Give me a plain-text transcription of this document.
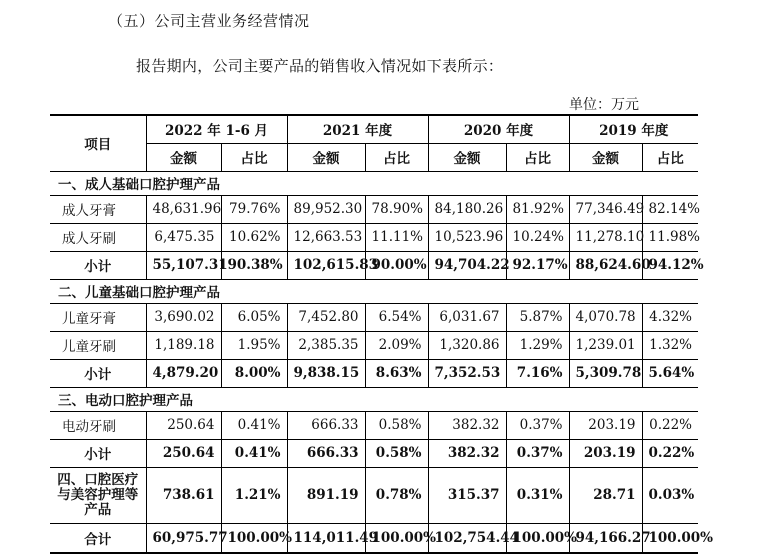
（五）公司主营业务经营情况
报告期内，公司主要产品的销售收入情况如下表所示：
单位：万元
项目	2022 年 1-6 月		2021 年度		2020 年度		2019 年度	
	金额	占比	金额	占比	金额	占比	金额	占比
一、成人基础口腔护理产品								
成人牙膏	48,631.96	79.76%	89,952.30	78.90%	84,180.26	81.92%	77,346.49	82.14%
成人牙刷	6,475.35	10.62%	12,663.53	11.11%	10,523.96	10.24%	11,278.10	11.98%
小计	55,107.31	90.38%	102,615.83	90.00%	94,704.22	92.17%	88,624.60	94.12%
二、儿童基础口腔护理产品								
儿童牙膏	3,690.02	6.05%	7,452.80	6.54%	6,031.67	5.87%	4,070.78	4.32%
儿童牙刷	1,189.18	1.95%	2,385.35	2.09%	1,320.86	1.29%	1,239.01	1.32%
小计	4,879.20	8.00%	9,838.15	8.63%	7,352.53	7.16%	5,309.78	5.64%
三、电动口腔护理产品								
电动牙刷	250.64	0.41%	666.33	0.58%	382.32	0.37%	203.19	0.22%
小计	250.64	0.41%	666.33	0.58%	382.32	0.37%	203.19	0.22%
四、口腔医疗与美容护理等产品	738.61	1.21%	891.19	0.78%	315.37	0.31%	28.71	0.03%
合计	60,975.77	100.00%	114,011.49	100.00%	102,754.44	100.00%	94,166.27	100.00%
